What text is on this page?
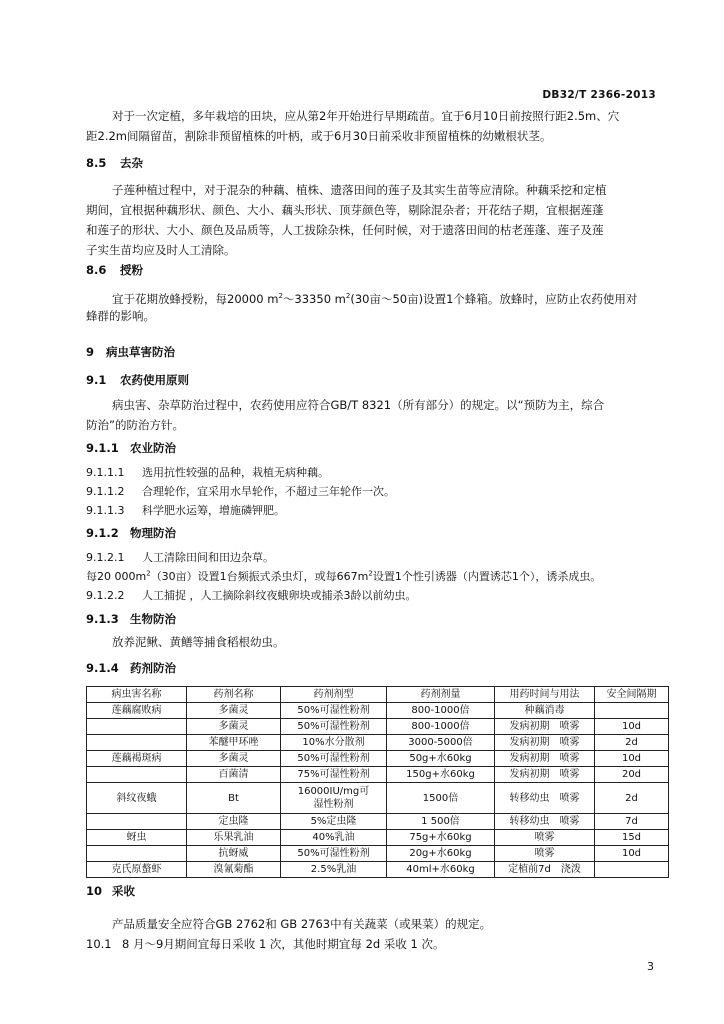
DB32/T 2366-2013
对于一次定植，多年栽培的田块，应从第2年开始进行早期疏苗。宜于6月10日前按照行距2.5m、穴
距2.2m间隔留苗，割除非预留植株的叶柄，或于6月30日前采收非预留植株的幼嫩根状茎。
8.5 去杂
子莲种植过程中，对于混杂的种藕、植株、遗落田间的莲子及其实生苗等应清除。种藕采挖和定植
期间，宜根据种藕形状、颜色、大小、藕头形状、顶芽颜色等，剔除混杂者；开花结子期，宜根据莲蓬
和莲子的形状、大小、颜色及品质等，人工拔除杂株，任何时候，对于遗落田间的枯老莲蓬、莲子及莲
子实生苗均应及时人工清除。
8.6 授粉
宜于花期放蜂授粉，每20000 $m^2\sim 33350$ $m^2(30$亩～50亩)设置1个蜂箱。放蜂时，应防止农药使用对
蜂群的影响。
9 病虫草害防治
9.1 农药使用原则
病虫害、杂草防治过程中，农药使用应符合GB/T 8321（所有部分）的规定。以“预防为主，综合
防治”的防治方针。
9.1.1 农业防治
9.1.1.1 选用抗性较强的品种，栽植无病种藕。
9.1.1.2 合理轮作，宜采用水旱轮作，不超过三年轮作一次。
9.1.1.3 科学肥水运筹，增施磷钾肥。
9.1.2 物理防治
9.1.2.1 人工清除田间和田边杂草。
每20 $000m^2(30$亩）设置1台频振式杀虫灯，或每$667m^2$设置1个性引诱器（内置诱芯1个），诱杀成虫。
9.1.2.2 人工捕捉 ，人工摘除斜纹夜蛾卵块或捕杀3龄以前幼虫。
9.1.3 生物防治
放养泥鳅、黄鳝等捕食稻根幼虫。
9.1.4 药剂防治
病虫害名称	药剂名称	药剂剂型	药剂剂量	用药时间与用法	安全间隔期
莲藕腐败病	多菌灵	50%可湿性粉剂	800-1000倍	种藕消毒	
	多菌灵	50%可湿性粉剂	800-1000倍	发病初期　喷雾	10d
	苯醚甲环唑	10%水分散剂	3000-5000倍	发病初期　喷雾	2d
莲藕褐斑病	多菌灵	50%可湿性粉剂	50g+水60kg	发病初期　喷雾	10d
	百菌清	75%可湿性粉剂	150g+水60kg	发病初期　喷雾	20d
斜纹夜蛾	Bt	16000IU/mg可湿性粉剂	1500倍	转移幼虫　喷雾	2d
	定虫隆	5%定虫隆	1 500倍	转移幼虫　喷雾	7d
蚜虫	乐果乳油	40%乳油	75g+水60kg	喷雾	15d
	抗蚜威	50%可湿性粉剂	20g+水60kg	喷雾	10d
克氏原螯虾	溴氰菊酯	2.5%乳油	40ml+水60kg	定植前7d　浇泼	
10 采收
产品质量安全应符合GB 2762和 GB 2763中有关蔬菜（或果菜）的规定。
10.1 8 月～9月期间宜每日采收 1 次，其他时期宜每 2d 采收 1 次。
3
